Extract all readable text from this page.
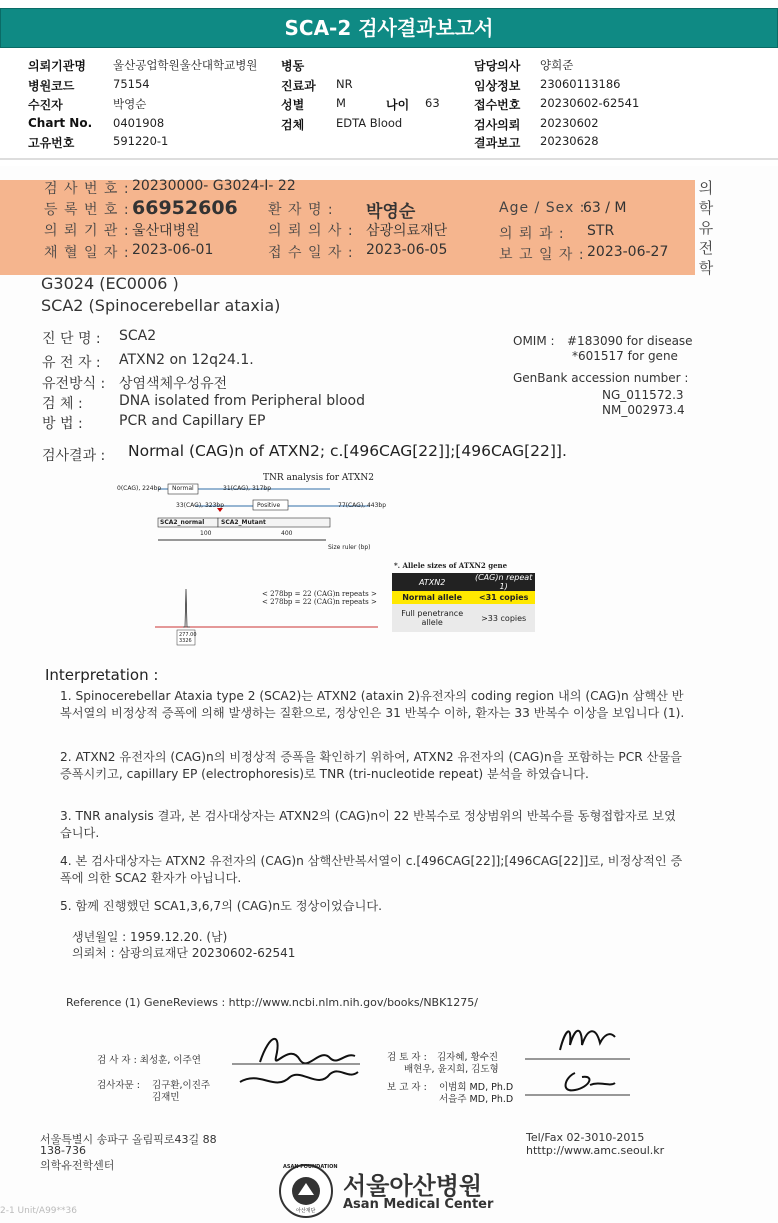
SCA-2 검사결과보고서
의뢰기관명 울산공업학원울산대학교병원
병원코드	75154
수진자	박영순
Chart No. 0401908
고유번호	591220-1
병동
진료과 NR
성별	M	나이 63
검체	EDTA Blood
담당의사 양희준
임상정보 23060113186
접수번호 20230602-62541
검사의뢰 20230602
결과보고 20230628
검 사 번 호 : 20230000- G3024-I- 22
등 록 번 호 : 66952606 환 자 명 : 박영순	Age / Sex :
63 / M
의 뢰 기 관 : 울산대병원	의 뢰 의 사 : 삼광의료재단	의 뢰 과 : STR
채 혈 일 자 : 2023-06-01	접 수 일 자 : 2023-06-05	보 고 일 자 : 2023-06-27
의
학
유
전
학
G3024 (EC0006 )
SCA2 (Spinocerebellar ataxia)
진 단 명 : SCA2
유 전 자 : ATXN2 on 12q24.1.
유전방식 : 상염색체우성유전
검 체 :	DNA isolated from Peripheral blood
방 법 :	PCR and Capillary EP
OMIM : #183090 for disease
*601517 for gene
GenBank accession number :
NG_011572.3
NM_002973.4
검사결과 : Normal (CAG)n of ATXN2; c.[496CAG[22]];[496CAG[22]].
TNR analysis for ATXN2
0(CAG), 224bp Normal	31(CAG), 317bp
33(CAG), 323bp	Positive	77(CAG), 443bp
SCA2_normal	SCA2_Mutant
100	400
Size ruler (bp)
277.00
3326
< 278bp = 22 (CAG)n repeats >
< 278bp = 22 (CAG)n repeats >
*. Allele sizes of ATXN2 gene
ATXN2	(CAG)n repeat 1)
Normal allele	<31 copies
Full penetrance allele	>33 copies
Interpretation :
1. Spinocerebellar Ataxia type 2 (SCA2)는 ATXN2 (ataxin 2)유전자의 coding region 내의 (CAG)n 삼핵산 반복서열의 비정상적 증폭에 의해 발생하는 질환으로, 정상인은 31 반복수 이하, 환자는 33 반복수 이상을 보입니다 (1).
2. ATXN2 유전자의 (CAG)n의 비정상적 증폭을 확인하기 위하여, ATXN2 유전자의 (CAG)n을 포함하는 PCR 산물을 증폭시키고, capillary EP (electrophoresis)로 TNR (tri-nucleotide repeat) 분석을 하였습니다.
3. TNR analysis 결과, 본 검사대상자는 ATXN2의 (CAG)n이 22 반복수로 정상범위의 반복수를 동형접합자로 보였습니다.
4. 본 검사대상자는 ATXN2 유전자의 (CAG)n 삼핵산반복서열이 c.[496CAG[22]];[496CAG[22]]로, 비정상적인 증폭에 의한 SCA2 환자가 아닙니다.
5. 함께 진행했던 SCA1,3,6,7의 (CAG)n도 정상이었습니다.
생년월일 : 1959.12.20. (남)
의뢰처 : 삼광의료재단 20230602-62541
Reference (1) GeneReviews : http://www.ncbi.nlm.nih.gov/books/NBK1275/
검 사 자 : 최성훈, 이주연
검사자문 : 김구환,이진주
김재민
검 토 자 : 김자혜, 황수진
배현우, 윤지희, 김도형
보 고 자 : 이범희 MD, Ph.D
서을주 MD, Ph.D
서울특별시 송파구 올림픽로43길 88
138-736
의학유전학센터
Tel/Fax 02-3010-2015
htttp://www.amc.seoul.kr
ASAN FOUNDATION
아산재단
서울아산병원
Asan Medical Center
2-1 Unit/A99**36
